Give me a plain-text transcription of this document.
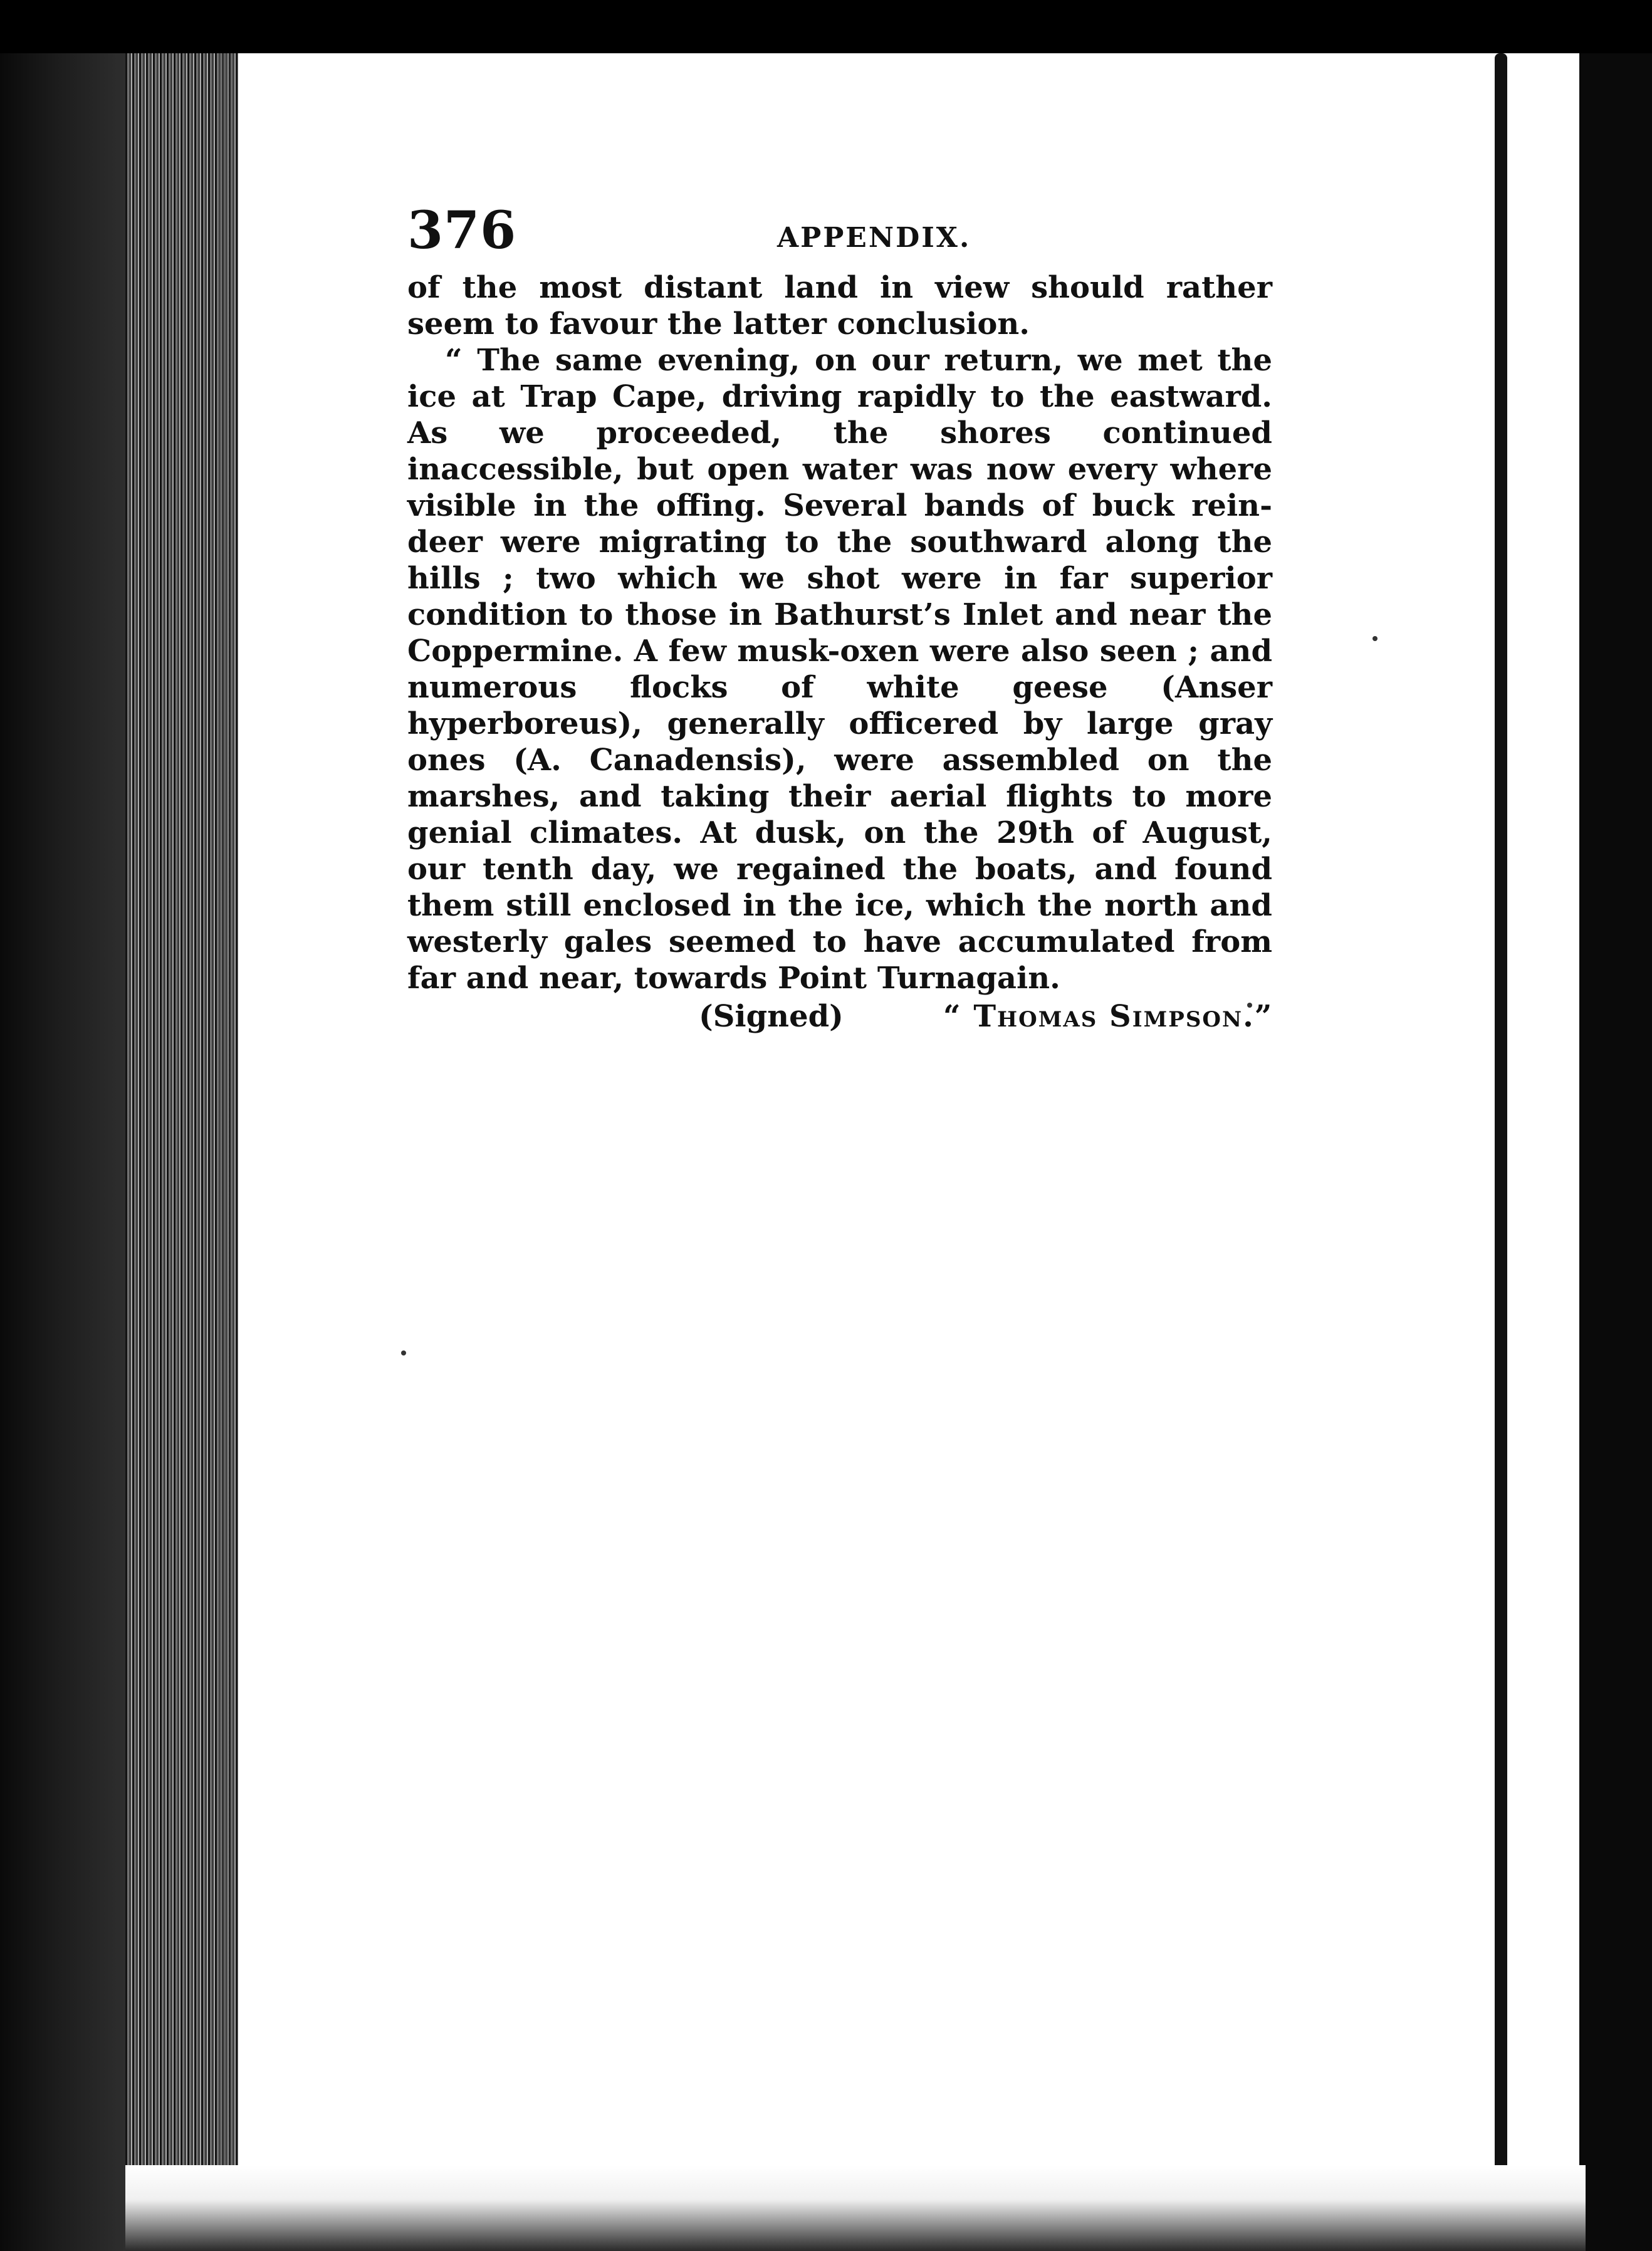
376	APPENDIX.

of the most distant land in view should rather seem to favour the latter conclusion.

“ The same evening, on our return, we met the ice at Trap Cape, driving rapidly to the eastward. As we proceeded, the shores continued inaccessible, but open water was now every where visible in the offing. Several bands of buck rein-deer were migrating to the southward along the hills ; two which we shot were in far superior condition to those in Bathurst’s Inlet and near the Coppermine. A few musk-oxen were also seen ; and numerous flocks of white geese (Anser hyperboreus), generally officered by large gray ones (A. Canadensis), were assembled on the marshes, and taking their aerial flights to more genial climates. At dusk, on the 29th of August, our tenth day, we regained the boats, and found them still enclosed in the ice, which the north and westerly gales seemed to have accumulated from far and near, towards Point Turnagain.

(Signed)	“ Thomas Simpson.”
